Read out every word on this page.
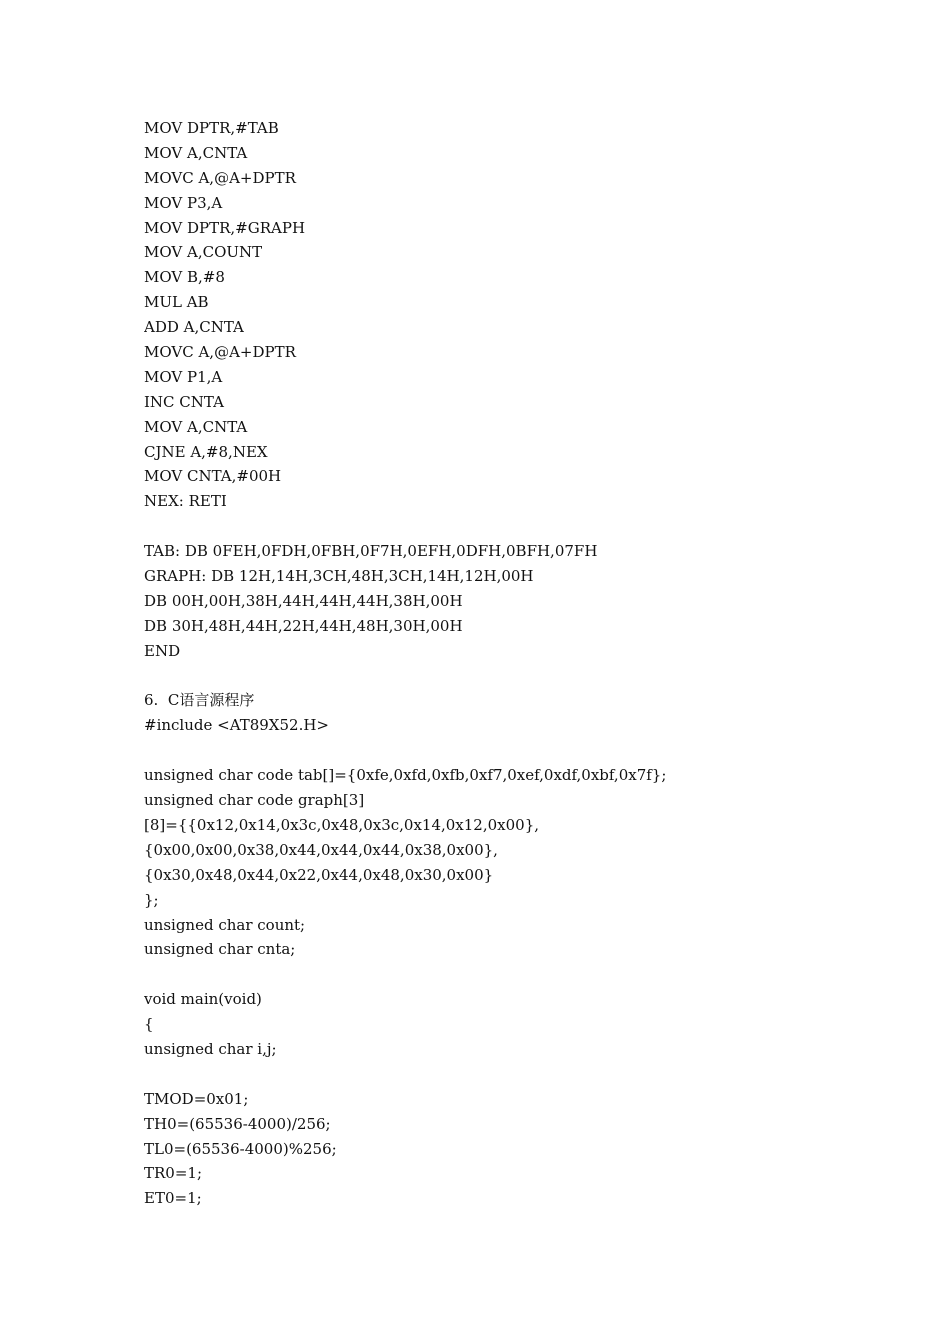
MOV DPTR,#TAB
MOV A,CNTA
MOVC A,@A+DPTR
MOV P3,A
MOV DPTR,#GRAPH
MOV A,COUNT
MOV B,#8
MUL AB
ADD A,CNTA
MOVC A,@A+DPTR
MOV P1,A
INC CNTA
MOV A,CNTA
CJNE A,#8,NEX
MOV CNTA,#00H
NEX: RETI
TAB: DB 0FEH,0FDH,0FBH,0F7H,0EFH,0DFH,0BFH,07FH
GRAPH: DB 12H,14H,3CH,48H,3CH,14H,12H,00H
DB 00H,00H,38H,44H,44H,44H,38H,00H
DB 30H,48H,44H,22H,44H,48H,30H,00H
END
6.  C语言源程序
#include <AT89X52.H>
unsigned char code tab[]={0xfe,0xfd,0xfb,0xf7,0xef,0xdf,0xbf,0x7f};
unsigned char code graph[3]
[8]={{0x12,0x14,0x3c,0x48,0x3c,0x14,0x12,0x00},
{0x00,0x00,0x38,0x44,0x44,0x44,0x38,0x00},
{0x30,0x48,0x44,0x22,0x44,0x48,0x30,0x00}
};
unsigned char count;
unsigned char cnta;
void main(void)
{
unsigned char i,j;
TMOD=0x01;
TH0=(65536-4000)/256;
TL0=(65536-4000)%256;
TR0=1;
ET0=1;
